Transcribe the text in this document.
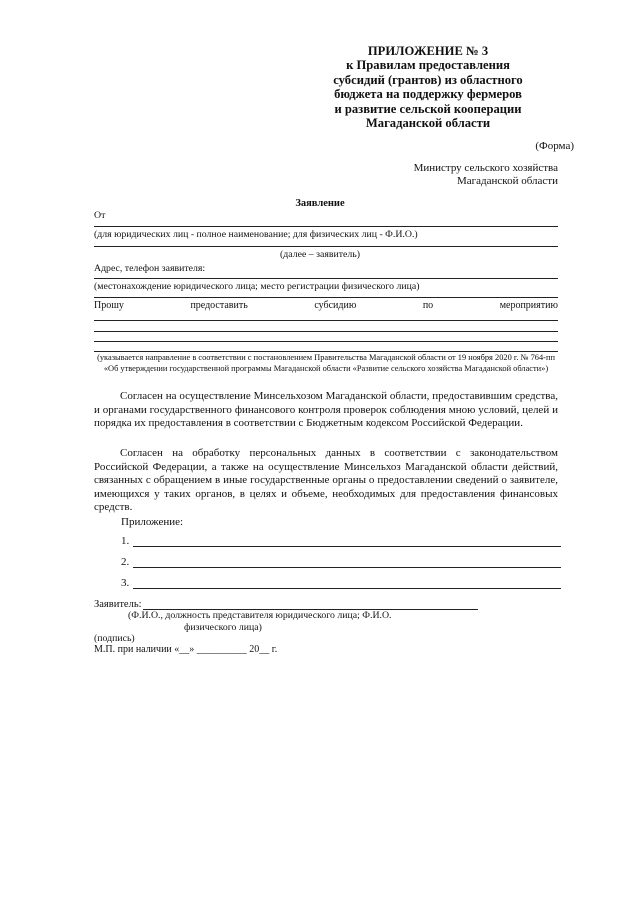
ПРИЛОЖЕНИЕ № 3
к Правилам предоставления
субсидий (грантов) из областного
бюджета на поддержку фермеров
и развитие сельской кооперации
Магаданской области
(Форма)
Министру сельского хозяйства
Магаданской области
Заявление
От
(для юридических лиц - полное наименование; для физических лиц - Ф.И.О.)
(далее – заявитель)
Адрес, телефон заявителя:
(местонахождение юридического лица; место регистрации физического лица)
Прошу	предоставить	субсидию	по	мероприятию
(указывается направление в соответствии с постановлением Правительства Магаданской области от 19 ноября 2020 г. № 764-пп «Об утверждении государственной программы Магаданской области «Развитие сельского хозяйства Магаданской области»)
Согласен на осуществление Минсельхозом Магаданской области, предоставившим средства, и органами государственного финансового контроля проверок соблюдения мною условий, целей и порядка их предоставления в соответствии с Бюджетным кодексом Российской Федерации.
Согласен на обработку персональных данных в соответствии с законодательством Российской Федерации, а также на осуществление Минсельхоз Магаданской области действий, связанных с обращением в иные государственные органы о предоставлении сведений о заявителе, имеющихся у таких органов, в целях и объеме, необходимых для предоставления финансовых средств.
Приложение:
1.
2.
3.
Заявитель:
(Ф.И.О., должность представителя юридического лица; Ф.И.О.
физического лица)
(подпись)
М.П. при наличии «__» __________ 20__ г.
